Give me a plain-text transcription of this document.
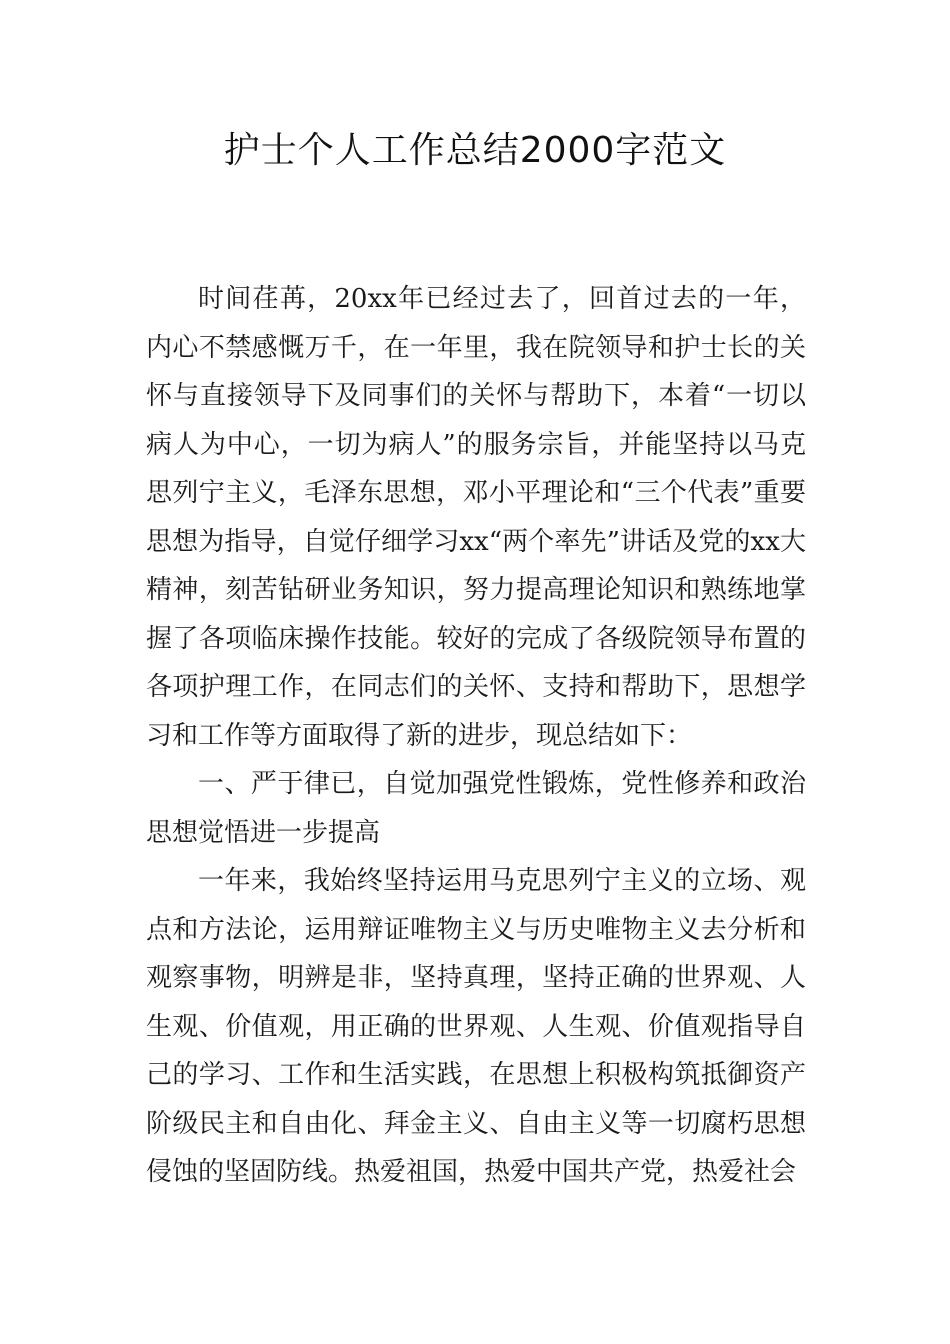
护士个人工作总结2000字范文

时间荏苒，20xx年已经过去了，回首过去的一年，内心不禁感慨万千，在一年里，我在院领导和护士长的关怀与直接领导下及同事们的关怀与帮助下，本着“一切以病人为中心，一切为病人”的服务宗旨，并能坚持以马克思列宁主义，毛泽东思想，邓小平理论和“三个代表”重要思想为指导，自觉仔细学习xx“两个率先”讲话及党的xx大精神，刻苦钻研业务知识，努力提高理论知识和熟练地掌握了各项临床操作技能。较好的完成了各级院领导布置的各项护理工作，在同志们的关怀、支持和帮助下，思想学习和工作等方面取得了新的进步，现总结如下：

一、严于律已，自觉加强党性锻炼，党性修养和政治思想觉悟进一步提高

一年来，我始终坚持运用马克思列宁主义的立场、观点和方法论，运用辩证唯物主义与历史唯物主义去分析和观察事物，明辨是非，坚持真理，坚持正确的世界观、人生观、价值观，用正确的世界观、人生观、价值观指导自己的学习、工作和生活实践，在思想上积极构筑抵御资产阶级民主和自由化、拜金主义、自由主义等一切腐朽思想侵蚀的坚固防线。热爱祖国，热爱中国共产党，热爱社会
